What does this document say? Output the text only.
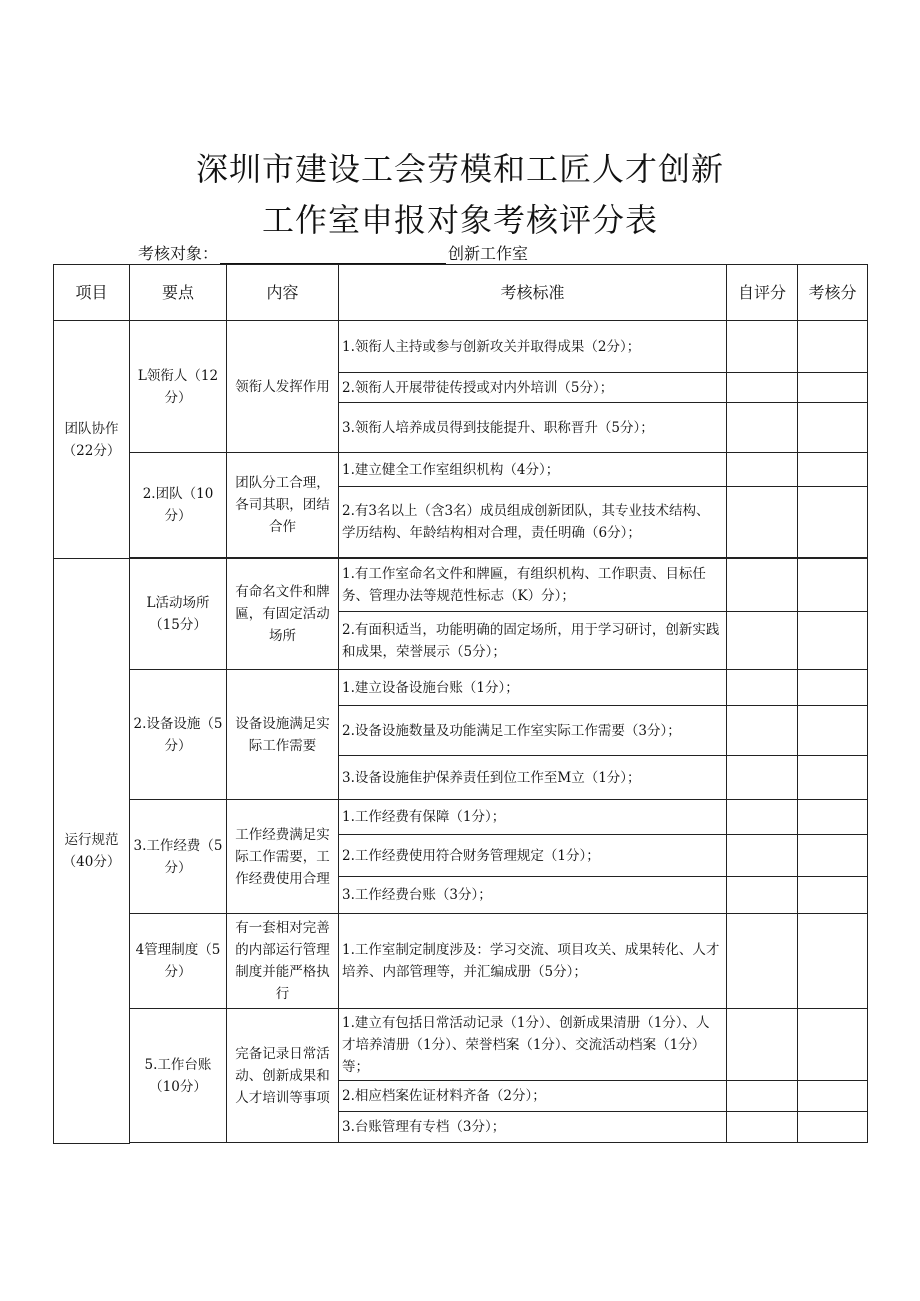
深圳市建设工会劳模和工匠人才创新
工作室申报对象考核评分表
考核对象：	创新工作室
项目	要点	内容	考核标准	自评分	考核分
团队协作（22分）	L领衔人（12分）	领衔人发挥作用	1.领衔人主持或参与创新攻关并取得成果（2分）；		
			2.领衔人开展带徒传授或对内外培训（5分）；		
			3.领衔人培养成员得到技能提升、职称晋升（5分）；		
	2.团队（10分）	团队分工合理，各司其职，团结合作	1.建立健全工作室组织机构（4分）；		
			2.有3名以上（含3名）成员组成创新团队，其专业技术结构、学历结构、年龄结构相对合理，责任明确（6分）；		

运行规范（40分）	L活动场所（15分）	有命名文件和牌匾，有固定活动场所	1.有工作室命名文件和牌匾，有组织机构、工作职责、目标任务、管理办法等规范性标志（K）分）；		
			2.有面积适当，功能明确的固定场所，用于学习研讨，创新实践和成果，荣誉展示（5分）；		
	2.设备设施（5分）	设备设施满足实际工作需要	1.建立设备设施台账（1分）；		
			2.设备设施数量及功能满足工作室实际工作需要（3分）；		
			3.设备设施隹护保养责任到位工作至M立（1分）；		
	3.工作经费（5分）	工作经费满足实际工作需要，工作经费使用合理	1.工作经费有保障（1分）；		
			2.工作经费使用符合财务管理规定（1分）；		
			3.工作经费台账（3分）；		
	4管理制度（5分）	有一套相对完善的内部运行管理制度并能严格执行	1.工作室制定制度涉及：学习交流、项目攻关、成果转化、人才培养、内部管理等，并汇编成册（5分）；		
	5.工作台账（10分）	完备记录日常活动、创新成果和人才培训等事项	1.建立有包括日常活动记录（1分）、创新成果清册（1分）、人才培养清册（1分）、荣誉档案（1分）、交流活动档案（1分）等；		
			2.相应档案佐证材料齐备（2分）；		
			3.台账管理有专档（3分）；		
